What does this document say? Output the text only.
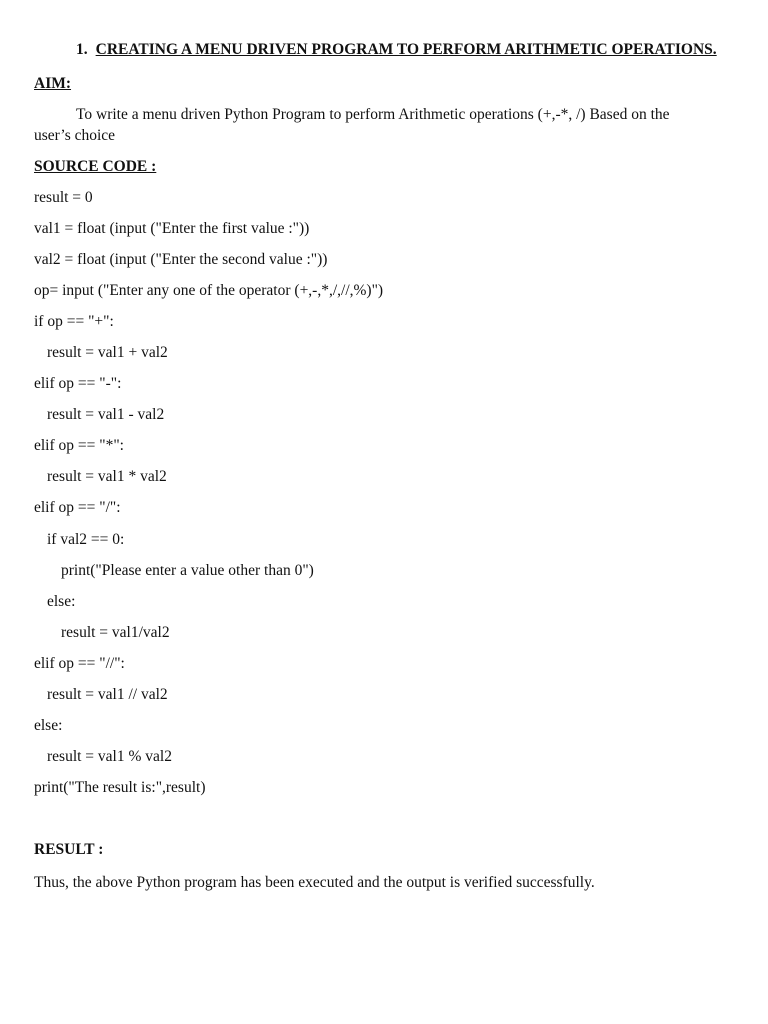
1. CREATING A MENU DRIVEN PROGRAM TO PERFORM ARITHMETIC OPERATIONS.
AIM:
To write a menu driven Python Program to perform Arithmetic operations (+,-*, /) Based on the user’s choice
SOURCE CODE :
result = 0
val1 = float (input ("Enter the first value :"))
val2 = float (input ("Enter the second value :"))
op= input ("Enter any one of the operator (+,-,*,/,//,%)")
if op == "+":
result = val1 + val2
elif op == "-":
result = val1 - val2
elif op == "*":
result = val1 * val2
elif op == "/":
if val2 == 0:
print("Please enter a value other than 0")
else:
result = val1/val2
elif op == "//":
result = val1 // val2
else:
result = val1 % val2
print("The result is:",result)
RESULT :
Thus, the above Python program has been executed and the output is verified successfully.
